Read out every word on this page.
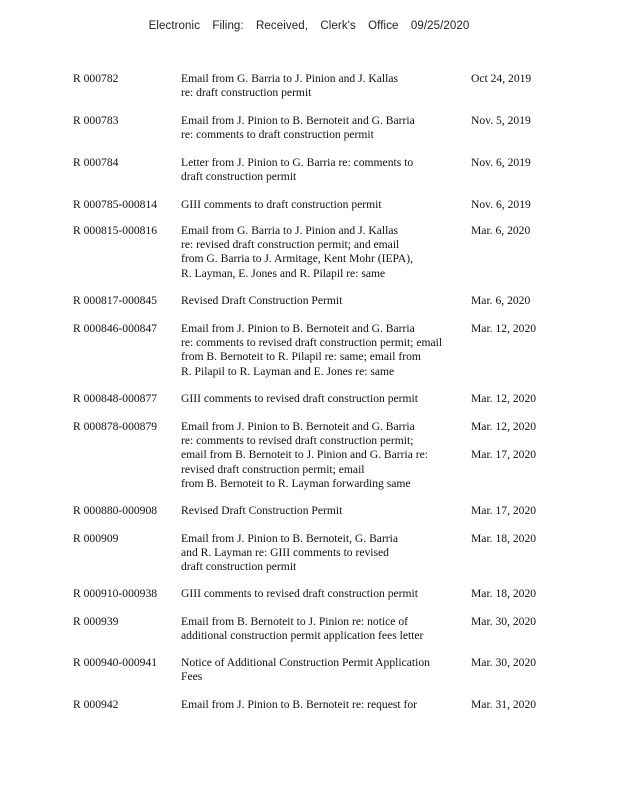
Electronic Filing: Received, Clerk's Office 09/25/2020
R 000782	Email from G. Barria to J. Pinion and J. Kallas
re: draft construction permit
Oct 24, 2019
R 000783	Email from J. Pinion to B. Bernoteit and G. Barria
re: comments to draft construction permit
Nov. 5, 2019
R 000784	Letter from J. Pinion to G. Barria re: comments to
draft construction permit
Nov. 6, 2019
R 000785-000814	GIII comments to draft construction permit	Nov. 6, 2019
R 000815-000816	Email from G. Barria to J. Pinion and J. Kallas
re: revised draft construction permit; and email
from G. Barria to J. Armitage, Kent Mohr (IEPA),
R. Layman, E. Jones and R. Pilapil re: same
Mar. 6, 2020
R 000817-000845	Revised Draft Construction Permit	Mar. 6, 2020
R 000846-000847	Email from J. Pinion to B. Bernoteit and G. Barria
re: comments to revised draft construction permit; email
from B. Bernoteit to R. Pilapil re: same; email from
R. Pilapil to R. Layman and E. Jones re: same
Mar. 12, 2020
R 000848-000877	GIII comments to revised draft construction permit	Mar. 12, 2020
R 000878-000879	Email from J. Pinion to B. Bernoteit and G. Barria
re: comments to revised draft construction permit;
email from B. Bernoteit to J. Pinion and G. Barria re:
revised draft construction permit; email
from B. Bernoteit to R. Layman forwarding same
Mar. 12, 2020
Mar. 17, 2020
R 000880-000908	Revised Draft Construction Permit	Mar. 17, 2020
R 000909	Email from J. Pinion to B. Bernoteit, G. Barria
and R. Layman re: GIII comments to revised
draft construction permit
Mar. 18, 2020
R 000910-000938	GIII comments to revised draft construction permit	Mar. 18, 2020
R 000939	Email from B. Bernoteit to J. Pinion re: notice of
additional construction permit application fees letter
Mar. 30, 2020
R 000940-000941	Notice of Additional Construction Permit Application
Fees
Mar. 30, 2020
R 000942	Email from J. Pinion to B. Bernoteit re: request for	Mar. 31, 2020
